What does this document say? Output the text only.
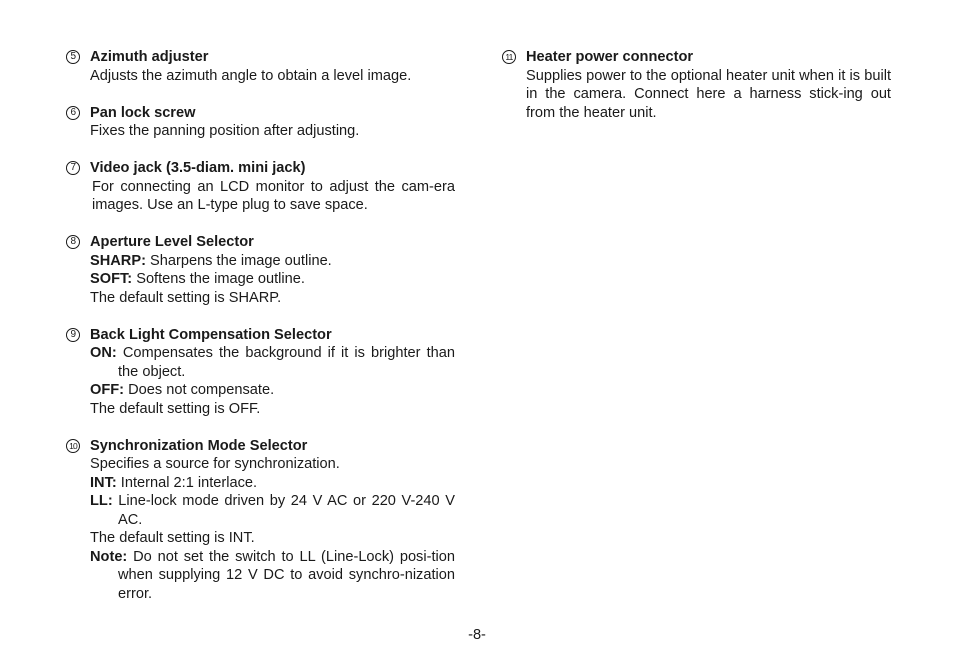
5 Azimuth adjuster
Adjusts the azimuth angle to obtain a level image.
6 Pan lock screw
Fixes the panning position after adjusting.
7 Video jack (3.5-diam. mini jack)
For connecting an LCD monitor to adjust the cam-era images. Use an L-type plug to save space.
8 Aperture Level Selector
SHARP: Sharpens the image outline.
SOFT: Softens the image outline.
The default setting is SHARP.
9 Back Light Compensation Selector
ON: Compensates the background if it is brighter than the object.
OFF: Does not compensate.
The default setting is OFF.
10 Synchronization Mode Selector
Specifies a source for synchronization.
INT: Internal 2:1 interlace.
LL: Line-lock mode driven by 24 V AC or 220 V-240 V AC.
The default setting is INT.
Note: Do not set the switch to LL (Line-Lock) posi-tion when supplying 12 V DC to avoid synchro-nization error.
11 Heater power connector
Supplies power to the optional heater unit when it is built in the camera. Connect here a harness stick-ing out from the heater unit.
-8-
